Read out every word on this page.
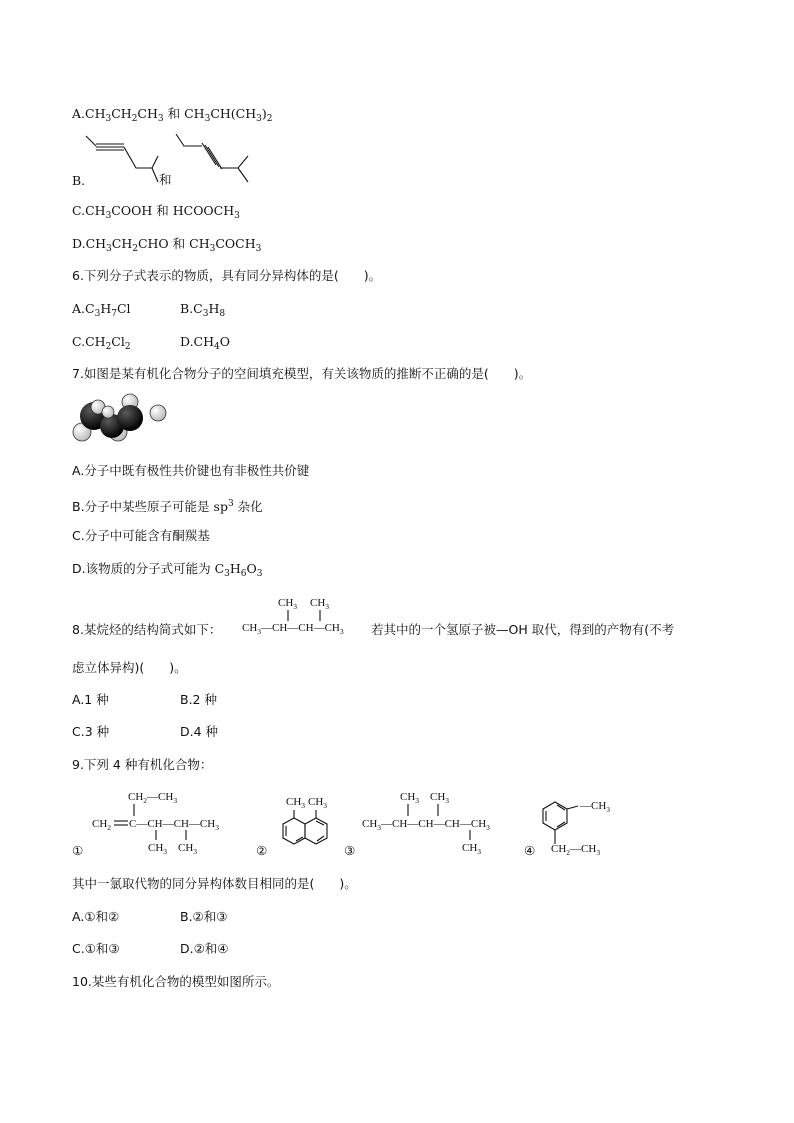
$A.CH_3CH_2CH_3$ 和 $CH_3CH(CH_3)_2$
B.	和
$C.CH_3COOH$ 和 $HCOOCH_3$
$D.CH_3CH_2CHO$ 和 $CH_3COCH_3$
6.下列分子式表示的物质，具有同分异构体的是(　　)。
$A.C_3H_7Cl$	$B.C_3H_8$
$C.CH_2Cl_2$	$D.CH_4O$
7.如图是某有机化合物分子的空间填充模型，有关该物质的推断不正确的是(　　)。
A.分子中既有极性共价键也有非极性共价键
B.分子中某些原子可能是 $sp^3$ 杂化
C.分子中可能含有酮羰基
D.该物质的分子式可能为 $C_3H_6O_3$
8.某烷烃的结构简式如下：
$CH_3$ $CH_3$
$CH_3—CH—CH—CH_3$ 若其中的一个氢原子被—OH 取代，得到的产物有(不考
虑立体异构)(　　)。
A.1 种	B.2 种
C.3 种	D.4 种
9.下列 4 种有机化合物：
①
$CH_2—CH_3$
$CH_2$ $C—CH—CH—CH_3$
$CH_3$ $CH_3$	②
$CH_3$ $CH_3$
③
$CH_3$ $CH_3$
$CH_3—CH—CH—CH—CH_3$
$CH_3$	④
$—CH_3$
$CH_2—CH_3$
其中一氯取代物的同分异构体数目相同的是(　　)。
A.①和②	B.②和③
C.①和③	D.②和④
10.某些有机化合物的模型如图所示。
